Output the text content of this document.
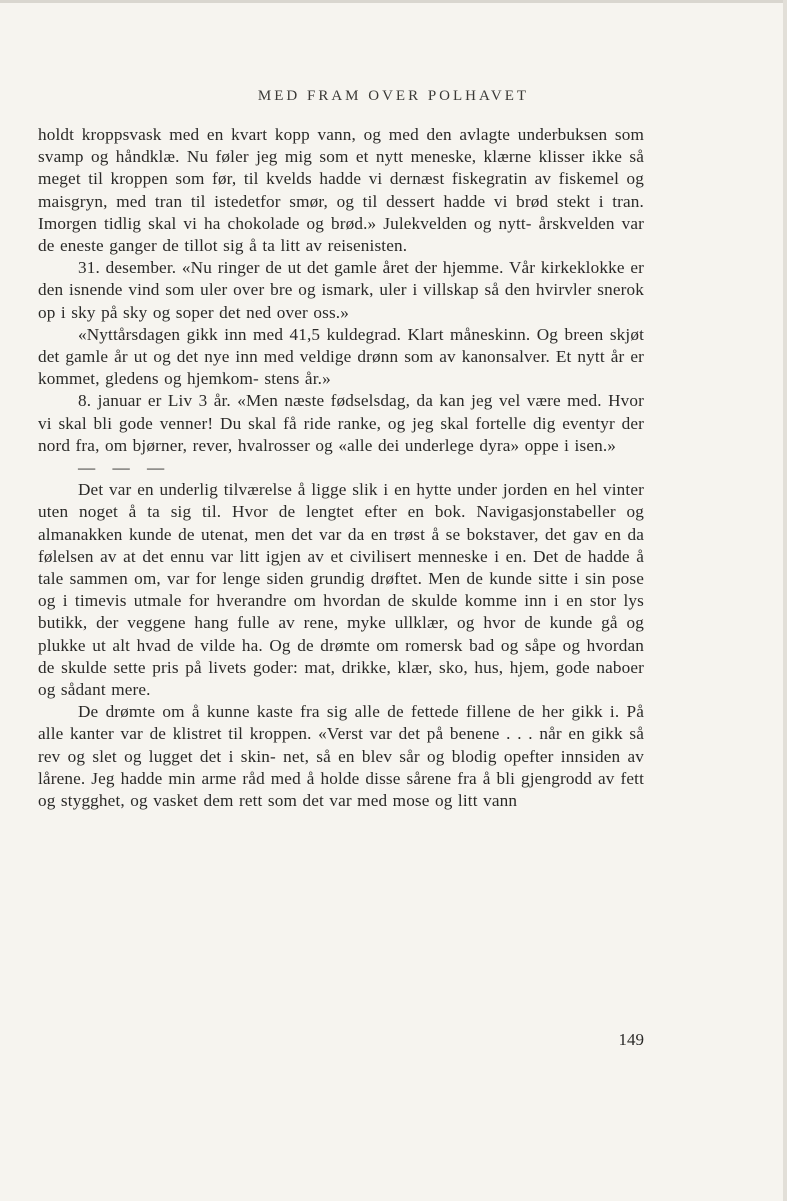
MED FRAM OVER POLHAVET

holdt kroppsvask med en kvart kopp vann, og med den avlagte underbuksen som svamp og håndklæ. Nu føler jeg mig som et nytt meneske, klærne klisser ikke så meget til kroppen som før, til kvelds hadde vi dernæst fiskegratin av fiskemel og maisgryn, med tran til istedetfor smør, og til dessert hadde vi brød stekt i tran. Imorgen tidlig skal vi ha chokolade og brød.» Julekvelden og nytt- årskvelden var de eneste ganger de tillot sig å ta litt av reisenisten.

31. desember. «Nu ringer de ut det gamle året der hjemme. Vår kirkeklokke er den isnende vind som uler over bre og ismark, uler i villskap så den hvirvler snerok op i sky på sky og soper det ned over oss.»

«Nyttårsdagen gikk inn med 41,5 kuldegrad. Klart måneskinn. Og breen skjøt det gamle år ut og det nye inn med veldige drønn som av kanonsalver. Et nytt år er kommet, gledens og hjemkom- stens år.»

8. januar er Liv 3 år. «Men næste fødselsdag, da kan jeg vel være med. Hvor vi skal bli gode venner! Du skal få ride ranke, og jeg skal fortelle dig eventyr der nord fra, om bjørner, rever, hvalrosser og «alle dei underlege dyra» oppe i isen.»

— — —

Det var en underlig tilværelse å ligge slik i en hytte under jorden en hel vinter uten noget å ta sig til. Hvor de lengtet efter en bok. Navigasjonstabeller og almanakken kunde de utenat, men det var da en trøst å se bokstaver, det gav en da følelsen av at det ennu var litt igjen av et civilisert menneske i en. Det de hadde å tale sammen om, var for lenge siden grundig drøftet. Men de kunde sitte i sin pose og i timevis utmale for hverandre om hvordan de skulde komme inn i en stor lys butikk, der veggene hang fulle av rene, myke ullklær, og hvor de kunde gå og plukke ut alt hvad de vilde ha. Og de drømte om romersk bad og såpe og hvordan de skulde sette pris på livets goder: mat, drikke, klær, sko, hus, hjem, gode naboer og sådant mere.

De drømte om å kunne kaste fra sig alle de fettede fillene de her gikk i. På alle kanter var de klistret til kroppen. «Verst var det på benene . . . når en gikk så rev og slet og lugget det i skin- net, så en blev sår og blodig opefter innsiden av lårene. Jeg hadde min arme råd med å holde disse sårene fra å bli gjengrodd av fett og stygghet, og vasket dem rett som det var med mose og litt vann

149
